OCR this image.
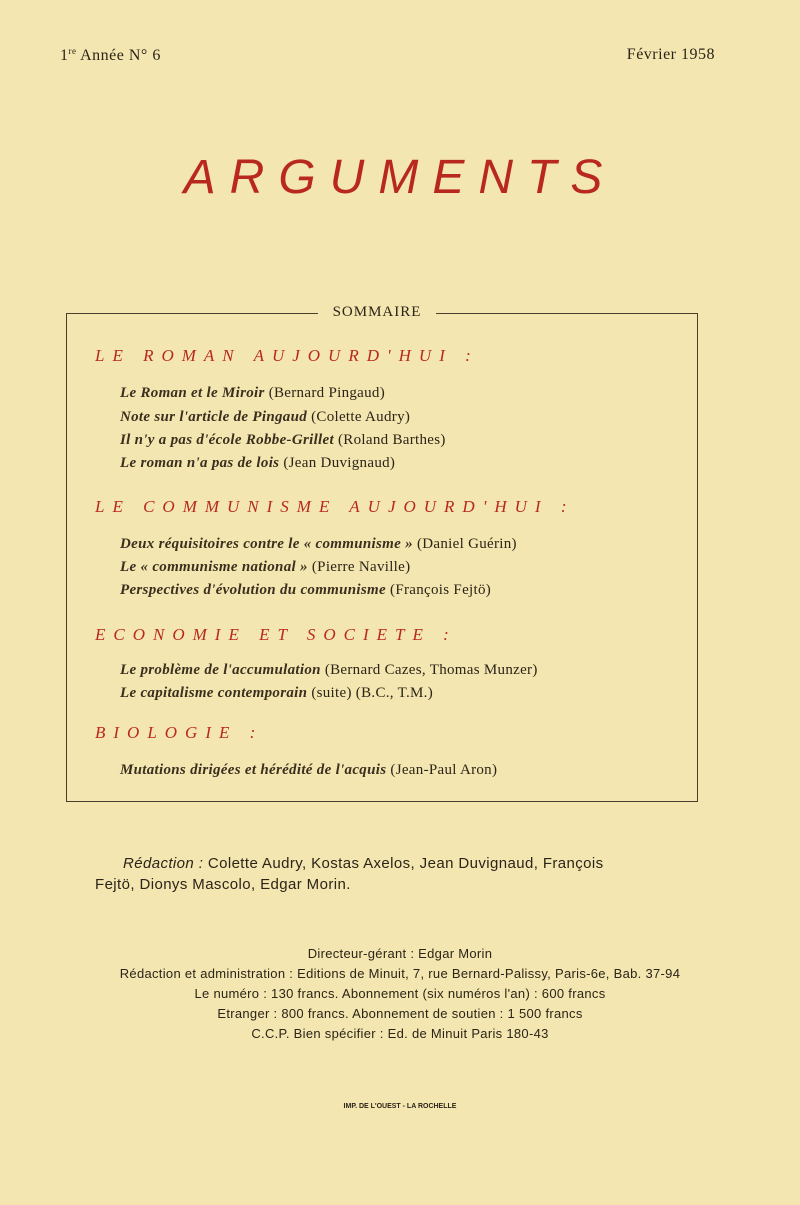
1re Année N° 6	Février 1958
ARGUMENTS
SOMMAIRE
LE ROMAN AUJOURD'HUI :
Le Roman et le Miroir (Bernard Pingaud)
Note sur l'article de Pingaud (Colette Audry)
Il n'y a pas d'école Robbe-Grillet (Roland Barthes)
Le roman n'a pas de lois (Jean Duvignaud)
LE COMMUNISME AUJOURD'HUI :
Deux réquisitoires contre le « communisme » (Daniel Guérin)
Le « communisme national » (Pierre Naville)
Perspectives d'évolution du communisme (François Fejtö)
ECONOMIE ET SOCIETE :
Le problème de l'accumulation (Bernard Cazes, Thomas Munzer)
Le capitalisme contemporain (suite) (B.C., T.M.)
BIOLOGIE :
Mutations dirigées et hérédité de l'acquis (Jean-Paul Aron)
Rédaction : Colette Audry, Kostas Axelos, Jean Duvignaud, François
Fejtö, Dionys Mascolo, Edgar Morin.
Directeur-gérant : Edgar Morin
Rédaction et administration : Editions de Minuit, 7, rue Bernard-Palissy, Paris-6e, Bab. 37-94
Le numéro : 130 francs. Abonnement (six numéros l'an) : 600 francs
Etranger : 800 francs. Abonnement de soutien : 1 500 francs
C.C.P. Bien spécifier : Ed. de Minuit Paris 180-43
IMP. DE L'OUEST - LA ROCHELLE
